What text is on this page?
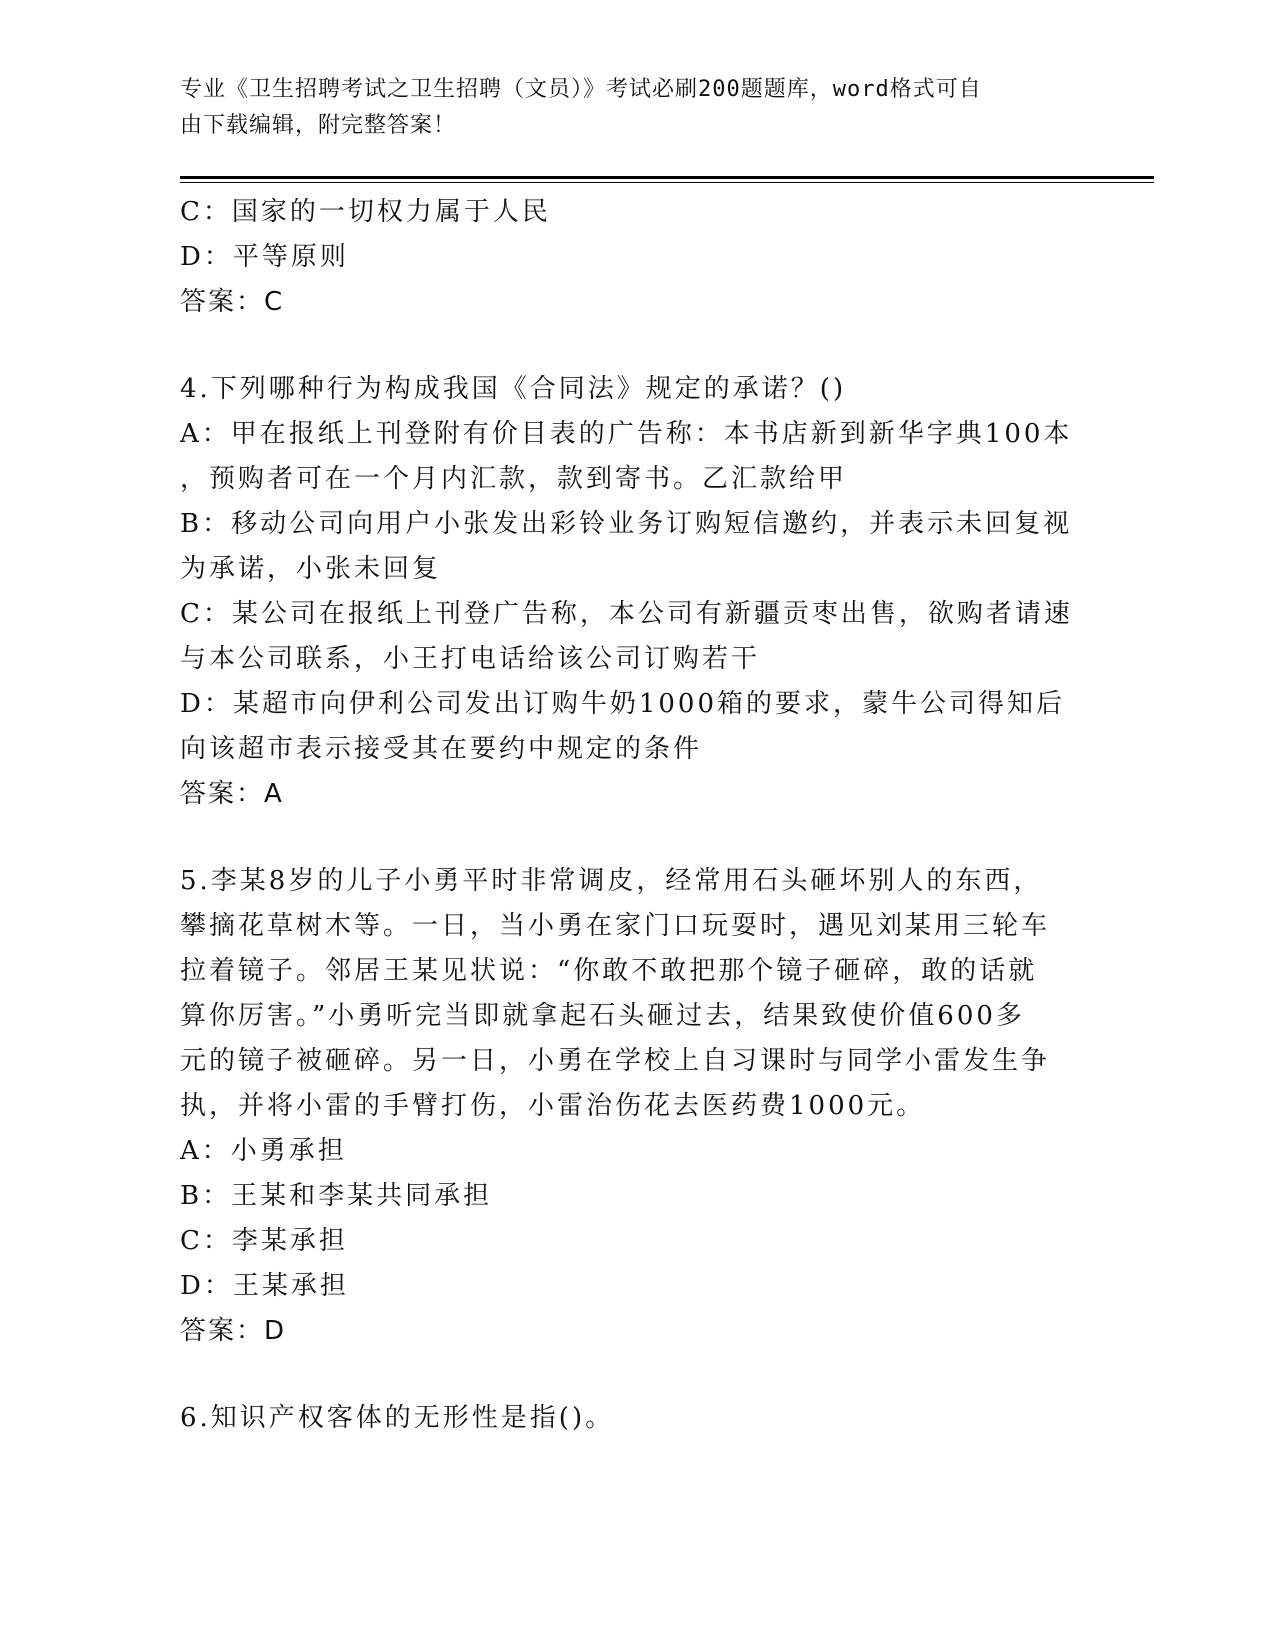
专业《卫生招聘考试之卫生招聘（文员）》考试必刷200题题库，word格式可自
由下载编辑，附完整答案！
C：国家的一切权力属于人民
D：平等原则
答案：C
4.下列哪种行为构成我国《合同法》规定的承诺？()
A：甲在报纸上刊登附有价目表的广告称：本书店新到新华字典100本
，预购者可在一个月内汇款，款到寄书。乙汇款给甲
B：移动公司向用户小张发出彩铃业务订购短信邀约，并表示未回复视
为承诺，小张未回复
C：某公司在报纸上刊登广告称，本公司有新疆贡枣出售，欲购者请速
与本公司联系，小王打电话给该公司订购若干
D：某超市向伊利公司发出订购牛奶1000箱的要求，蒙牛公司得知后
向该超市表示接受其在要约中规定的条件
答案：A
5.李某8岁的儿子小勇平时非常调皮，经常用石头砸坏别人的东西，
攀摘花草树木等。一日，当小勇在家门口玩耍时，遇见刘某用三轮车
拉着镜子。邻居王某见状说：“你敢不敢把那个镜子砸碎，敢的话就
算你厉害。”小勇听完当即就拿起石头砸过去，结果致使价值600多
元的镜子被砸碎。另一日，小勇在学校上自习课时与同学小雷发生争
执，并将小雷的手臂打伤，小雷治伤花去医药费1000元。
A：小勇承担
B：王某和李某共同承担
C：李某承担
D：王某承担
答案：D
6.知识产权客体的无形性是指()。
